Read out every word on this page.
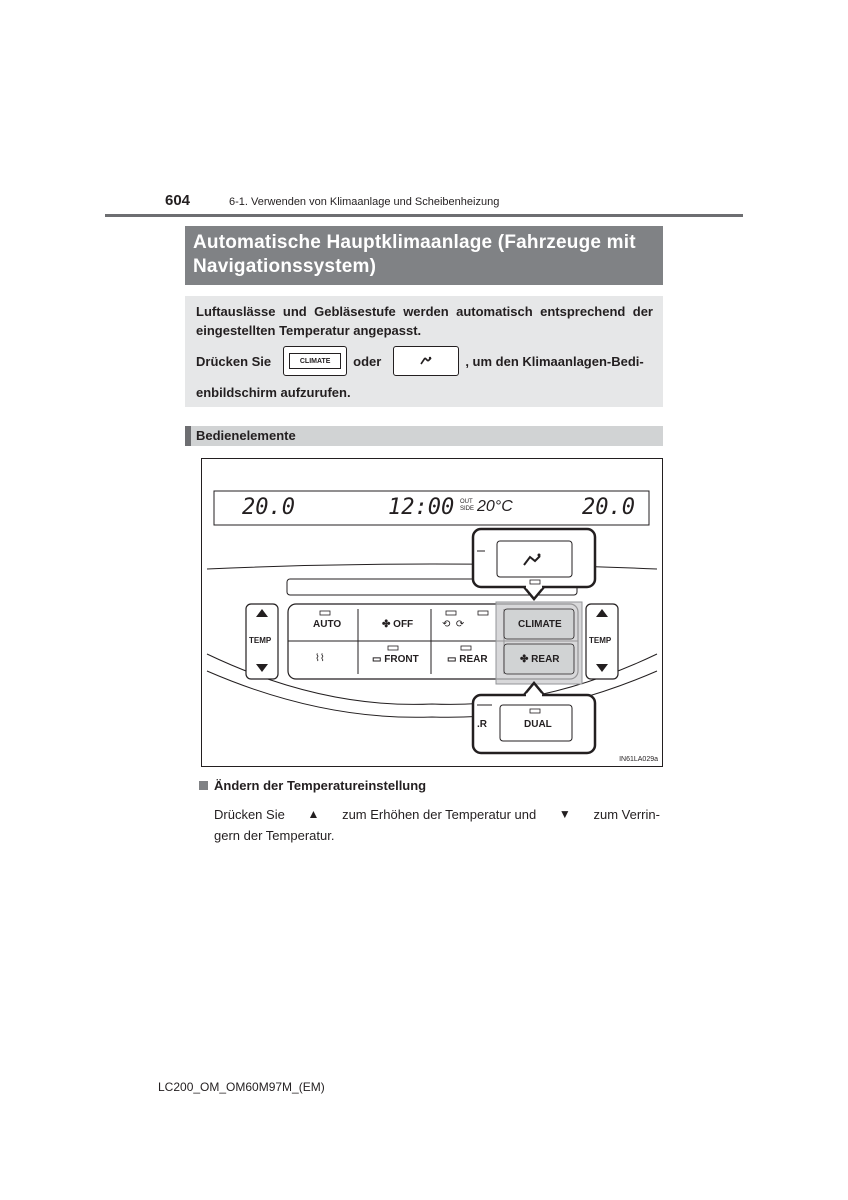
604	6-1. Verwenden von Klimaanlage und Scheibenheizung
Automatische Hauptklimaanlage (Fahrzeuge mit Navigationssystem)
Luftauslässe und Gebläsestufe werden automatisch entsprechend der eingestellten Temperatur angepasst.
Drücken Sie	CLIMATE	oder	, um den Klimaanlagen-Bedi-
enbildschirm aufzurufen.
Bedienelemente
20.0	12:00 OUT
SIDE 20°C	20.0
AUTO	✤ OFF	⟲  ⟳	CLIMATE
⌇⌇	▭ FRONT	▭ REAR	✤ REAR
TEMP	TEMP
DUAL
.R
IN61LA029a
Ändern der Temperatureinstellung
Drücken Sie ▲ zum Erhöhen der Temperatur und ▼ zum Verrin-
gern der Temperatur.
LC200_OM_OM60M97M_(EM)
